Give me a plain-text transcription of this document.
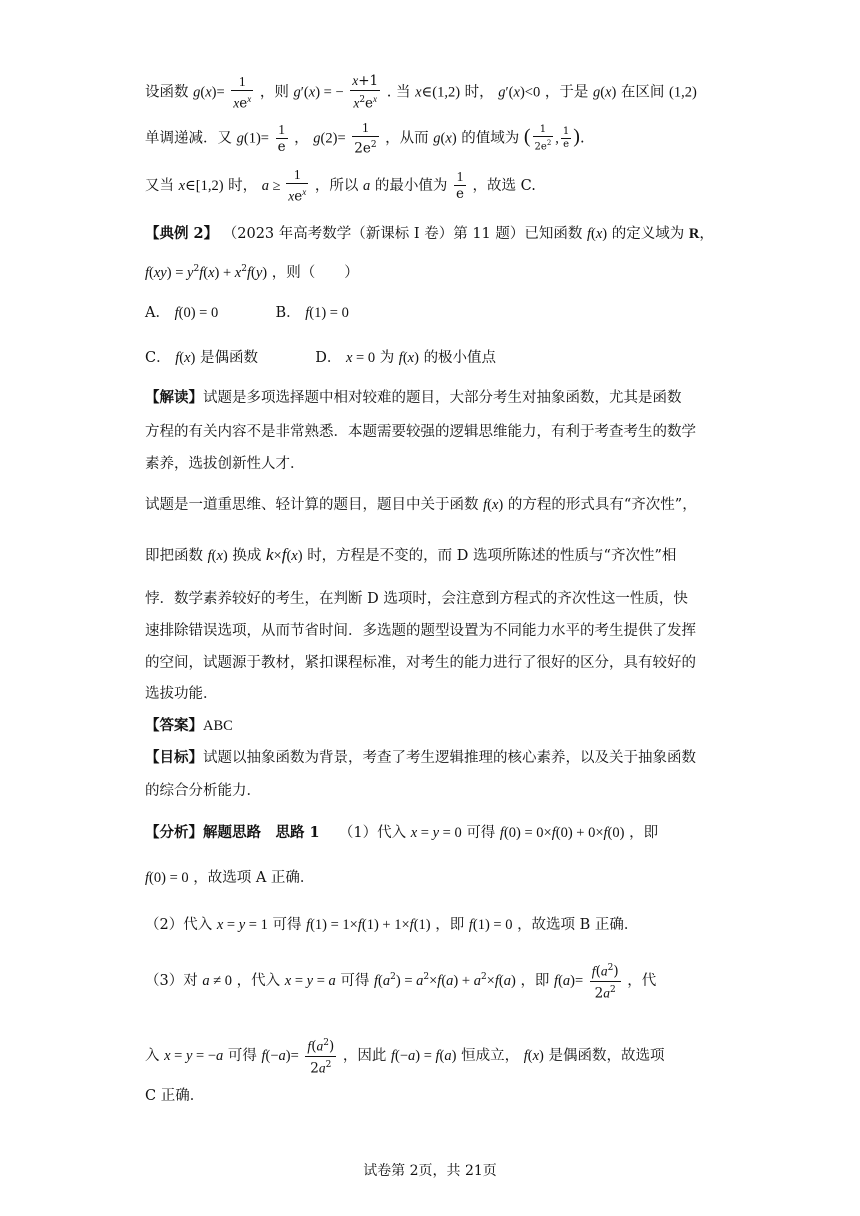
设函数 $g(x)= \frac{1}{xe^x}$ ，则 g′(x) = − $\frac{x+1}{x^2e^x}$ . 当 x∈(1,2) 时， g′(x)<0 ，于是 g(x) 在区间 (1,2)
单调递减．又 $g(1)= \frac{1}{e}$ ， $g(2)= \frac{1}{2e^2}$ ，从而 g(x) 的值域为 ( $\frac{1}{2e^2}$ , $\frac{1}{e}$ ).
又当 x∈[1,2) 时， $a \ge \frac{1}{xe^x}$ ，所以 a 的最小值为 $\frac{1}{e}$ ，故选 C.
【典例 2】 （2023 年高考数学（新课标 I 卷）第 11 题）已知函数 f(x) 的定义域为 R，
$f(xy) = y^2f(x) + x^2f(y)$ ，则（　　）
A． f(0) = 0	B． f(1) = 0
C． f(x) 是偶函数	D． x = 0 为 f(x) 的极小值点
【解读】试题是多项选择题中相对较难的题目，大部分考生对抽象函数，尤其是函数
方程的有关内容不是非常熟悉．本题需要较强的逻辑思维能力，有利于考查考生的数学
素养，选拔创新性人才．
试题是一道重思维、轻计算的题目，题目中关于函数 f(x) 的方程的形式具有“齐次性”，
即把函数 f(x) 换成 k×f(x) 时，方程是不变的，而 D 选项所陈述的性质与“齐次性”相
悖．数学素养较好的考生，在判断 D 选项时，会注意到方程式的齐次性这一性质，快
速排除错误选项，从而节省时间．多选题的题型设置为不同能力水平的考生提供了发挥
的空间，试题源于教材，紧扣课程标准，对考生的能力进行了很好的区分，具有较好的
选拔功能．
【答案】ABC
【目标】试题以抽象函数为背景，考查了考生逻辑推理的核心素养，以及关于抽象函数
的综合分析能力．
【分析】解题思路　思路 1 （1）代入 x = y = 0 可得 f(0) = 0×f(0) + 0×f(0) ，即
f(0) = 0 ，故选项 A 正确．
（2）代入 x = y = 1 可得 f(1) = 1×f(1) + 1×f(1) ，即 f(1) = 0 ，故选项 B 正确．
（3）对 a ≠ 0 ，代入 x = y = a 可得 $f(a^2) = a^2\times f(a) + a^2\times f(a)$ ，即 $f(a)= \frac{f(a^2)}{2a^2}$ ，代
入 x = y = −a 可得 $f(-a)= \frac{f(a^2)}{2a^2}$ ，因此 f(−a) = f(a) 恒成立， f(x) 是偶函数，故选项
C 正确．
试卷第 2页，共 21页
